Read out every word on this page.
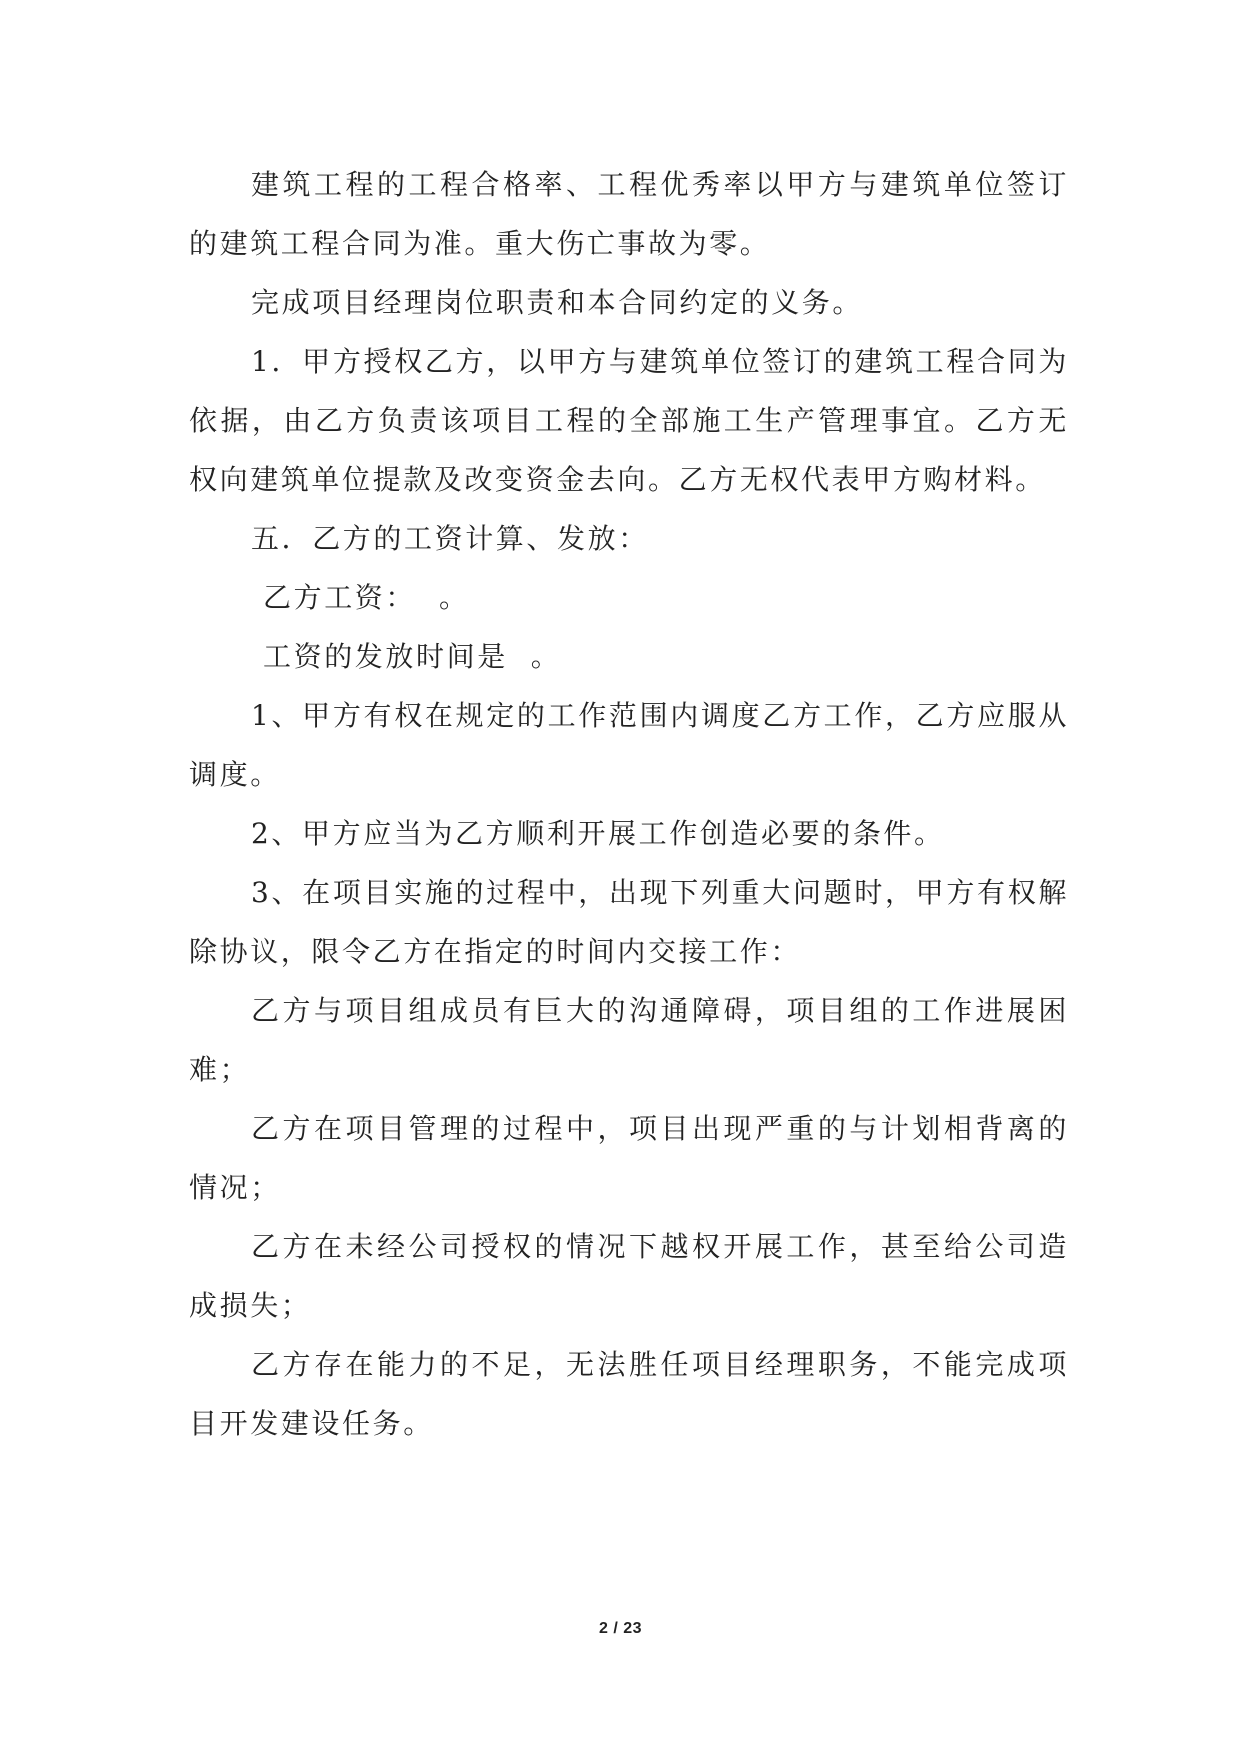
建筑工程的工程合格率、工程优秀率以甲方与建筑单位签订的建筑工程合同为准。重大伤亡事故为零。

完成项目经理岗位职责和本合同约定的义务。

1．甲方授权乙方，以甲方与建筑单位签订的建筑工程合同为依据，由乙方负责该项目工程的全部施工生产管理事宜。乙方无权向建筑单位提款及改变资金去向。乙方无权代表甲方购材料。

五．乙方的工资计算、发放：

乙方工资：  。

工资的发放时间是  。

1、甲方有权在规定的工作范围内调度乙方工作，乙方应服从调度。

2、甲方应当为乙方顺利开展工作创造必要的条件。

3、在项目实施的过程中，出现下列重大问题时，甲方有权解除协议，限令乙方在指定的时间内交接工作：

乙方与项目组成员有巨大的沟通障碍，项目组的工作进展困难；

乙方在项目管理的过程中，项目出现严重的与计划相背离的情况；

乙方在未经公司授权的情况下越权开展工作，甚至给公司造成损失；

乙方存在能力的不足，无法胜任项目经理职务，不能完成项目开发建设任务。

2 / 23
